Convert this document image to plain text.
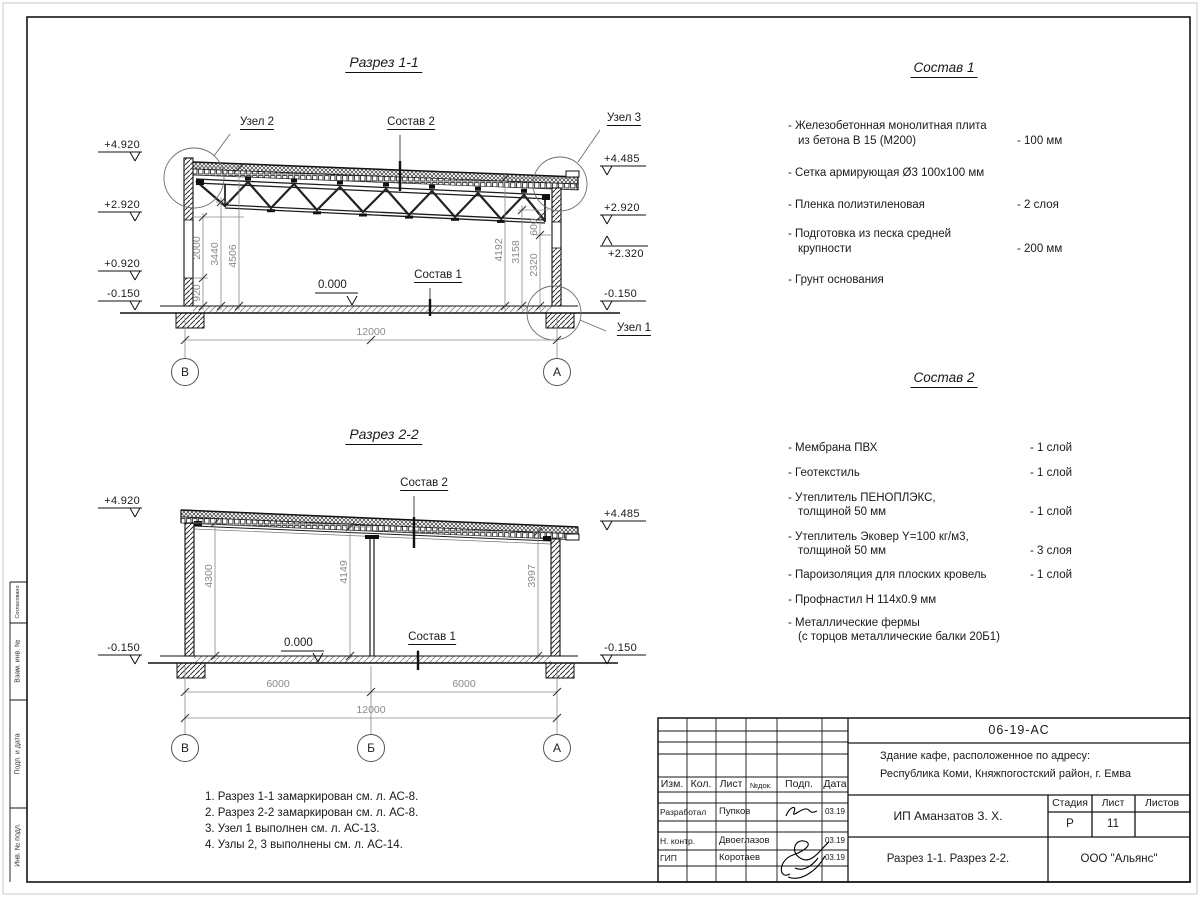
Согласовано
Взам. инв. №
Подп. и дата
Инв. № подл.
Разрез 1-1
Узел 2	Узел 3
Узел 1
Состав 2
Состав 1
0.000
+4.920
+2.920
+0.920
-0.150
+4.485
+2.920
+2.320
-0.150
920
2000 3440 4506	2320
600
3158
4192
12000
В	А
Разрез 2-2
Состав 2
Состав 1
0.000
+4.920
-0.150
+4.485
-0.150
4300	4149	3997
6000	6000
12000
В	Б	А
1. Разрез 1-1 замаркирован см. л. АС-8.
2. Разрез 2-2 замаркирован см. л. АС-8.
3. Узел 1 выполнен см. л. АС-13.
4. Узлы 2, 3 выполнены см. л. АС-14.
Состав 1
- Железобетонная монолитная плита
из бетона В 15 (М200)	- 100 мм
- Сетка армирующая Ø3 100x100 мм
- Пленка полиэтиленовая	- 2 слоя
- Подготовка из песка средней
крупности	- 200 мм
- Грунт основания
Состав 2
- Мембрана ПВХ	- 1 слой
- Геотекстиль	- 1 слой
- Утеплитель ПЕНОПЛЭКС,
толщиной 50 мм	- 1 слой
- Утеплитель Эковер Y=100 кг/м3,
толщиной 50 мм	- 3 слоя
- Пароизоляция для плоских кровель	- 1 слой
- Профнастил Н 114x0.9 мм
- Металлические фермы
(с торцов металлические балки 20Б1)
06-19-АС
Здание кафе, расположенное по адресу:
Республика Коми, Княжпогостский район, г. Емва
Изм. Кол. Лист №док. Подп. Дата
Разработал Пупков	03.19
Н. контр.	Двоеглазов	03.19
ГИП	Коротаев	03.19
ИП Аманзатов З. Х.
Стадия Лист Листов
Р	11
Разрез 1-1. Разрез 2-2.	ООО "Альянс"
